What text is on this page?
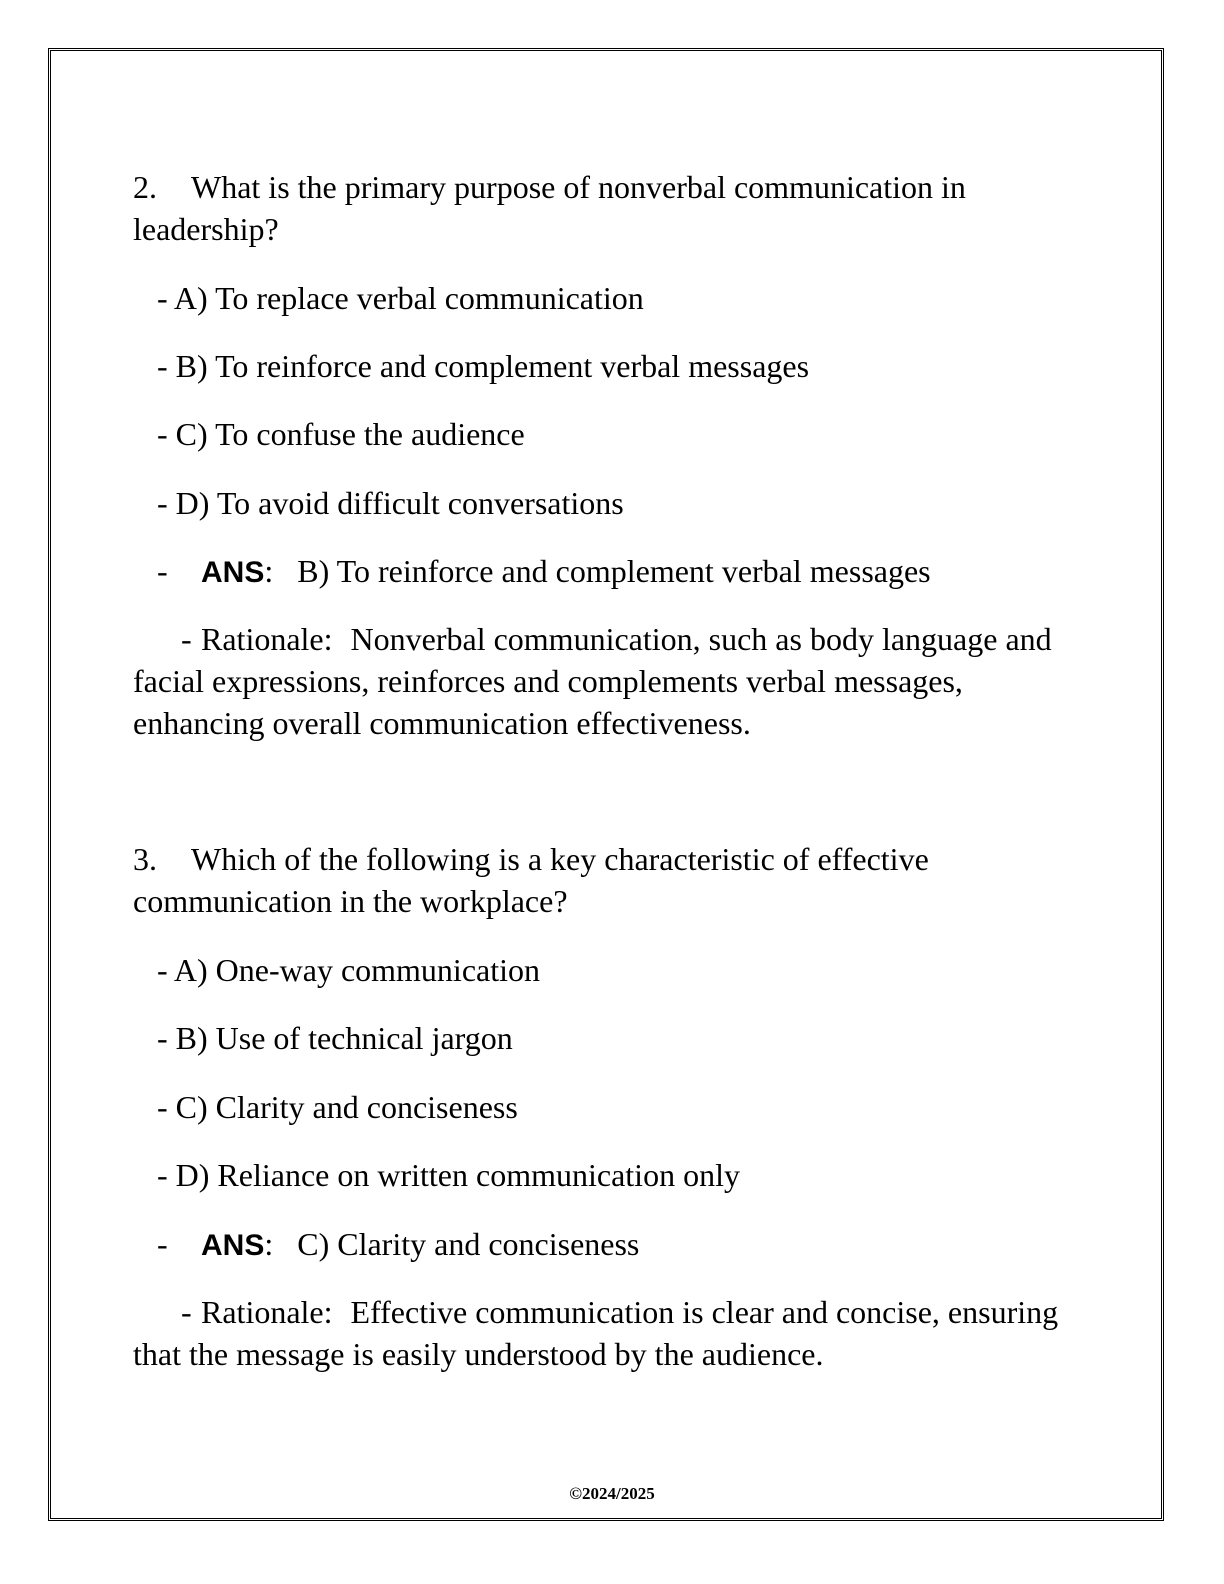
2. What is the primary purpose of nonverbal communication in leadership?

- A) To replace verbal communication

- B) To reinforce and complement verbal messages

- C) To confuse the audience

- D) To avoid difficult conversations

- ANS: B) To reinforce and complement verbal messages

- Rationale: Nonverbal communication, such as body language and facial expressions, reinforces and complements verbal messages, enhancing overall communication effectiveness.

3. Which of the following is a key characteristic of effective communication in the workplace?

- A) One-way communication

- B) Use of technical jargon

- C) Clarity and conciseness

- D) Reliance on written communication only

- ANS: C) Clarity and conciseness

- Rationale: Effective communication is clear and concise, ensuring that the message is easily understood by the audience.

©2024/2025
